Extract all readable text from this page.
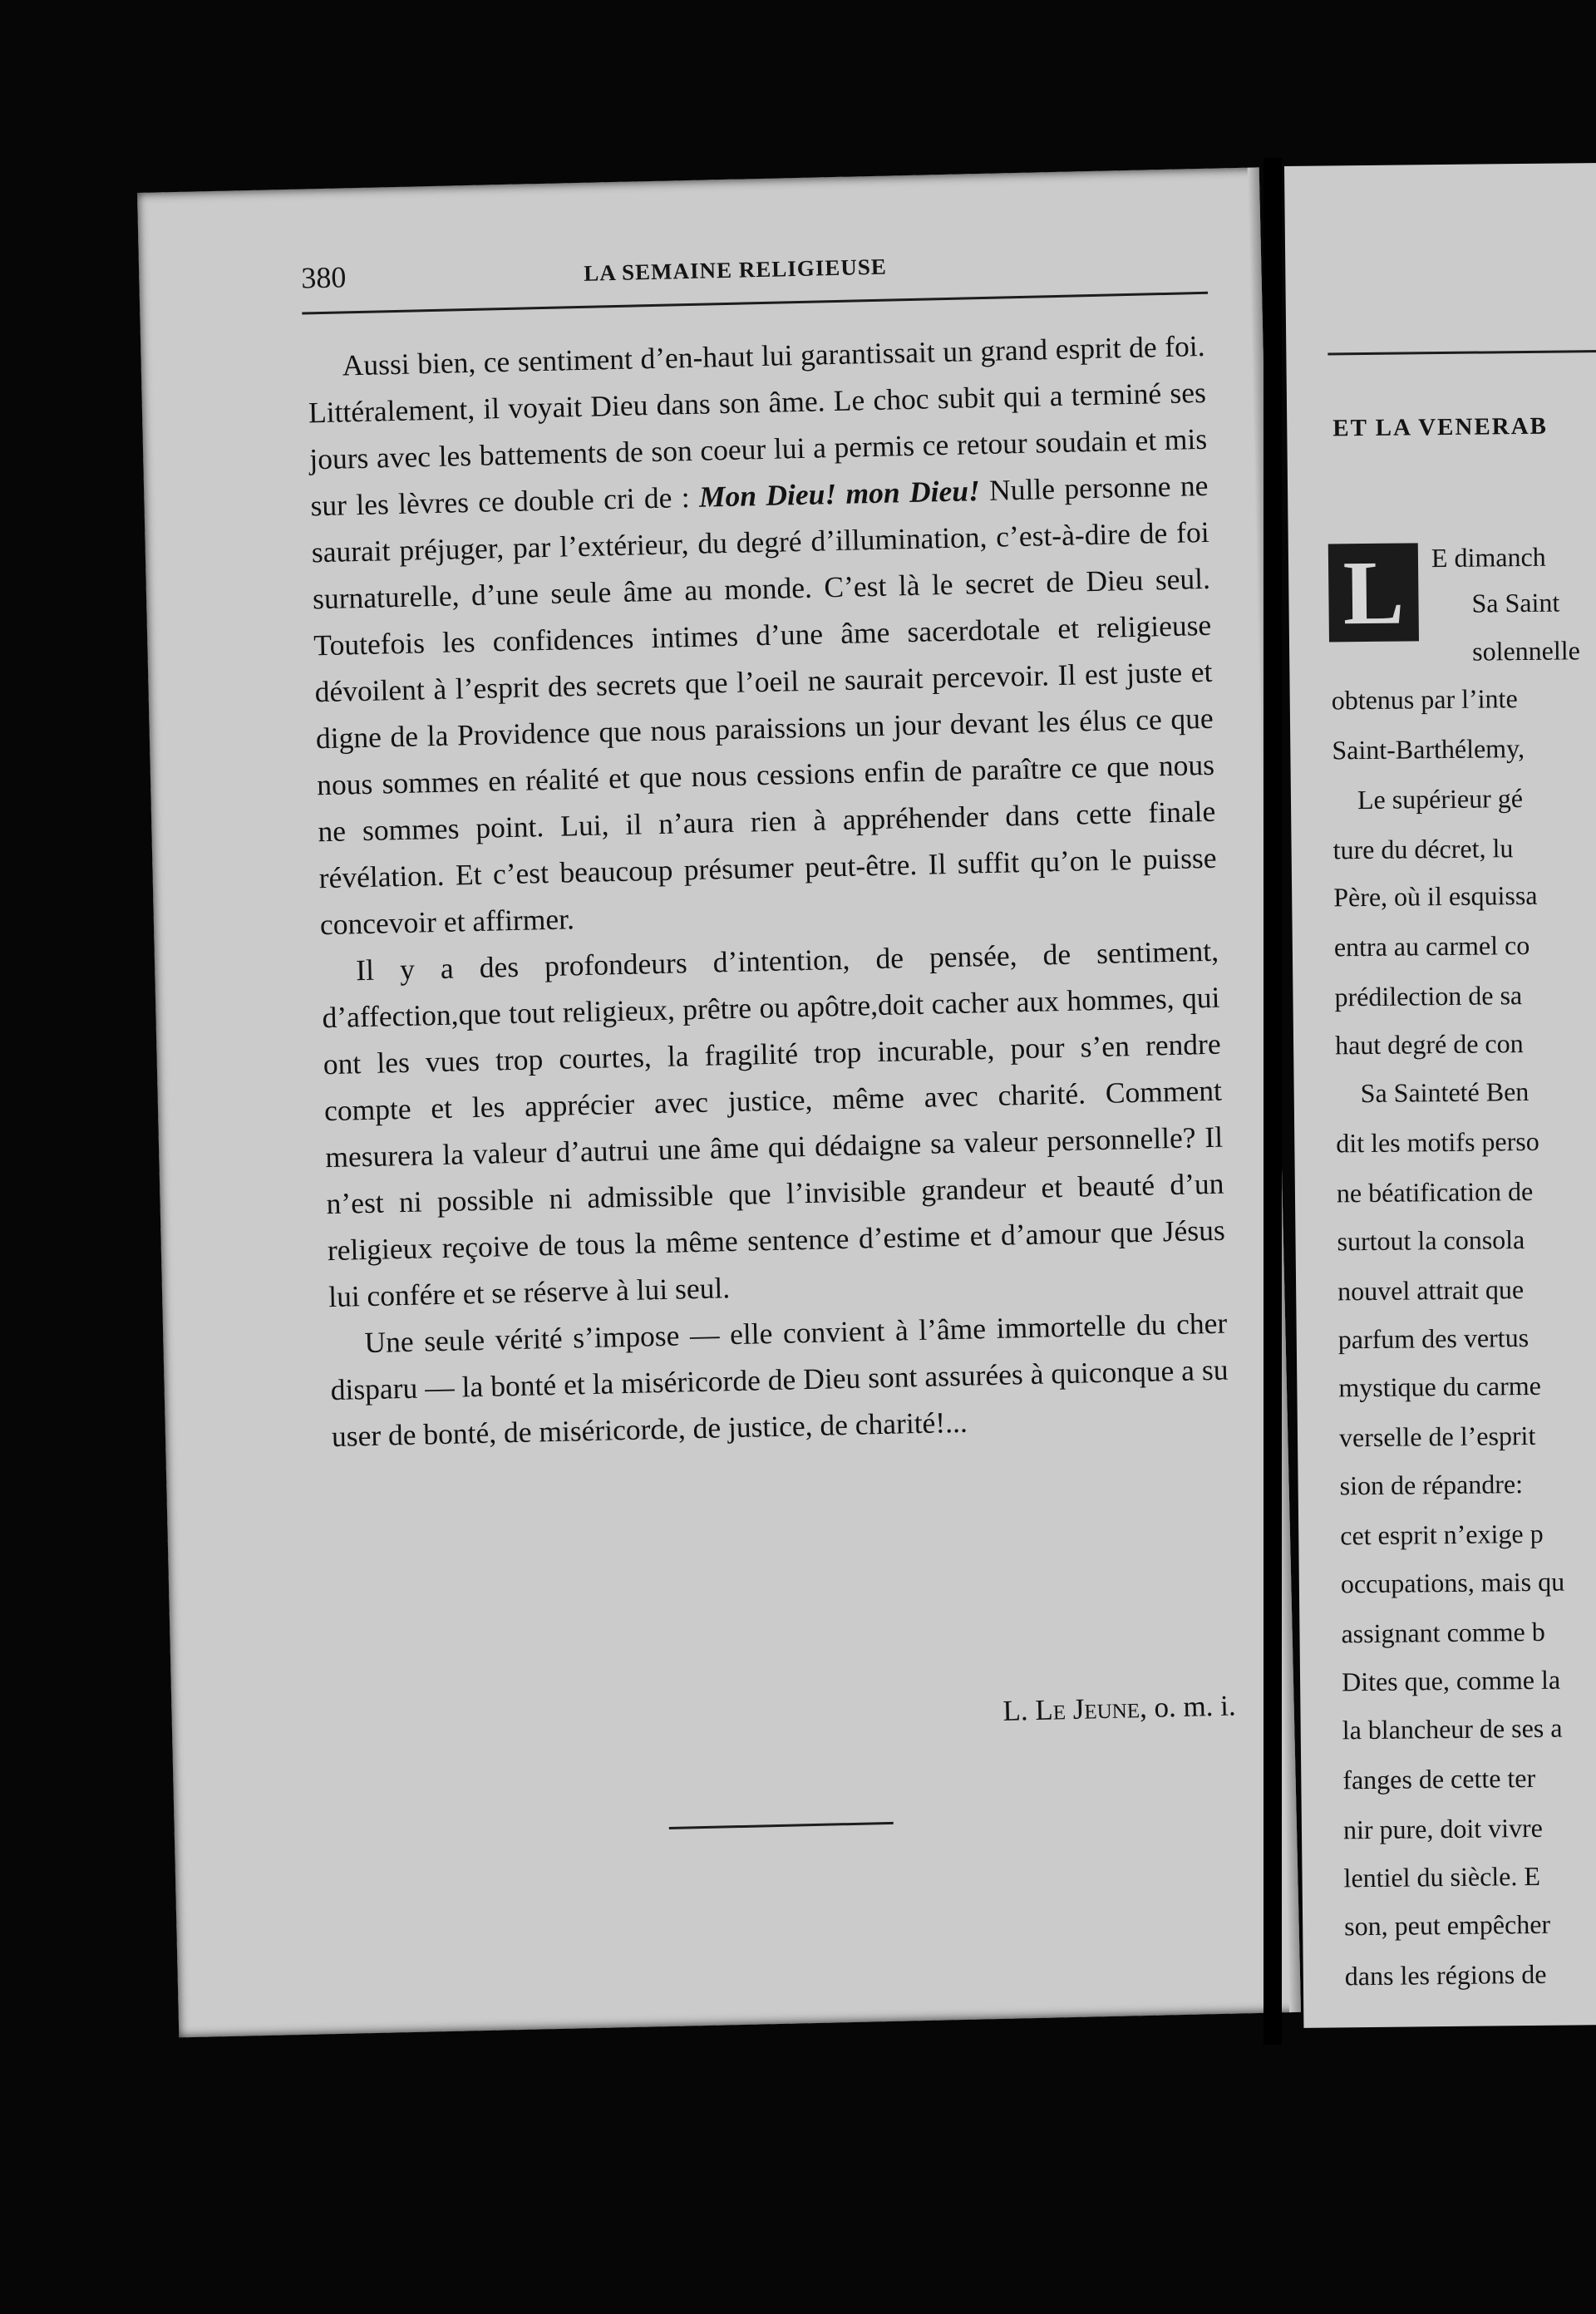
380	LA SEMAINE RELIGIEUSE

Aussi bien, ce sentiment d’en-haut lui garantissait un grand esprit de foi. Littéralement, il voyait Dieu dans son âme. Le choc subit qui a terminé ses jours avec les battements de son coeur lui a permis ce retour soudain et mis sur les lèvres ce double cri de : Mon Dieu! mon Dieu! Nulle personne ne saurait préjuger, par l’extérieur, du degré d’illumination, c’est-à-dire de foi surnaturelle, d’une seule âme au monde. C’est là le secret de Dieu seul. Toutefois les confidences intimes d’une âme sacerdotale et religieuse dévoilent à l’esprit des secrets que l’oeil ne saurait percevoir. Il est juste et digne de la Providence que nous paraissions un jour devant les élus ce que nous sommes en réalité et que nous cessions enfin de paraître ce que nous ne sommes point. Lui, il n’aura rien à appréhender dans cette finale révélation. Et c’est beaucoup présumer peut-être. Il suffit qu’on le puisse concevoir et affirmer.

Il y a des profondeurs d’intention, de pensée, de sentiment, d’affection,que tout religieux, prêtre ou apôtre,doit cacher aux hommes, qui ont les vues trop courtes, la fragilité trop incurable, pour s’en rendre compte et les apprécier avec justice, même avec charité. Comment mesurera la valeur d’autrui une âme qui dédaigne sa valeur personnelle? Il n’est ni possible ni admissible que l’invisible grandeur et beauté d’un religieux reçoive de tous la même sentence d’estime et d’amour que Jésus lui confére et se réserve à lui seul.

Une seule vérité s’impose — elle convient à l’âme immortelle du cher disparu — la bonté et la miséricorde de Dieu sont assurées à quiconque a su user de bonté, de miséricorde, de justice, de charité!...

L. Le Jeune, o. m. i.
ET LA VENERAB
L	E dimanch
Sa Saint
solennelle
obtenus par l’inte
Saint-Barthélemy,
Le supérieur gé
ture du décret, lu
Père, où il esquissa
entra au carmel co
prédilection de sa
haut degré de con
Sa Sainteté Ben
dit les motifs perso
ne béatification de
surtout la consola
nouvel attrait que
parfum des vertus
mystique du carme
verselle de l’esprit
sion de répandre:
cet esprit n’exige p
occupations, mais qu
assignant comme b
Dites que, comme la
la blancheur de ses a
fanges de cette ter
nir pure, doit vivre
lentiel du siècle. E
son, peut empêcher
dans les régions de
